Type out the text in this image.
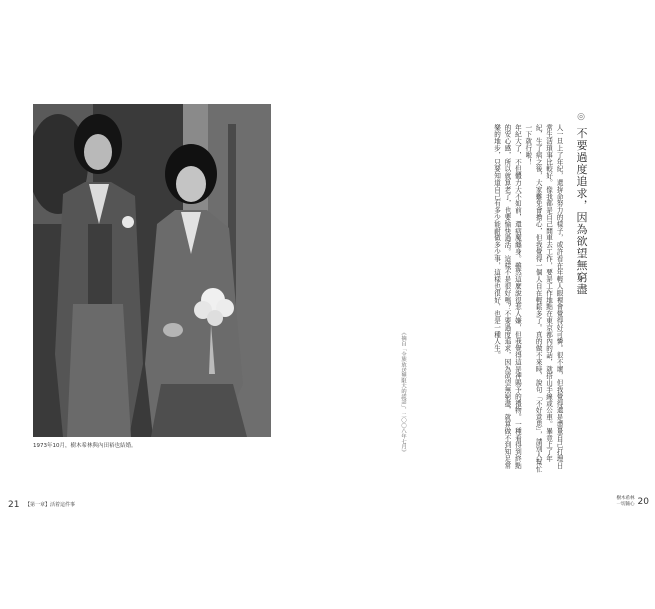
1973年10月，樹木希林與內田裕也結婚。
21 【第一章】活着這件事
樹木希林
一切隨心 20
◎ 不要過度追求，因為欲望無窮盡

人一旦上了年紀，還拚命努力的樣子，或許看在年輕人眼裡會覺得好可憐。很不壞，但我覺得還是盡量自己打理日常生活瑣事比較好。像我都是自己開車去工作，要是工作地點在東京都內的話，就搭山手線或公車。畢竟上了年紀，生了病之後，大家難免會擔心，但我覺得一個人自在輕鬆多了。真的做不來時，說句「不好意思」，請別人幫忙一下就行啦！

年紀大了，不但體力大不如前，還病魔纏身。雖然這麼說很惹人嫌，但我覺得這是神賜予的禮物。一種看得到終點的安心感，所以就算老了，也要愉快過活。這樣不是很好嗎？不要過度追求，因為欲望無窮盡，就算做不到知足常樂的地步，只要知道自己有多少能耐做多少事，這樣也很好，也是一種人生。

《摘自「全族放送無限大的謊話」，二〇〇八年七月》
